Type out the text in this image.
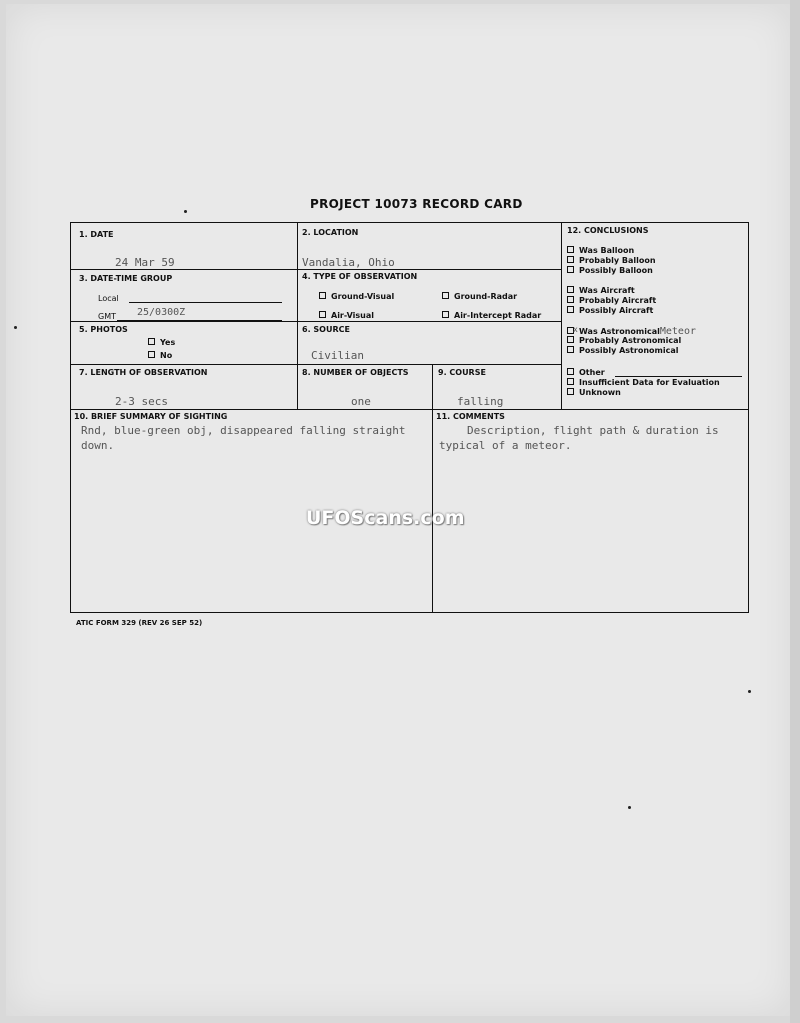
PROJECT 10073 RECORD CARD
1. DATE
24 Mar 59
2. LOCATION
Vandalia, Ohio
3. DATE-TIME GROUP
Local
GMT 25/0300Z
4. TYPE OF OBSERVATION
Ground-Visual	Ground-Radar
Air-Visual	Air-Intercept Radar
5. PHOTOS
Yes
No
6. SOURCE
Civilian
7. LENGTH OF OBSERVATION
2-3 secs
8. NUMBER OF OBJECTS
one
9. COURSE
falling
10. BRIEF SUMMARY OF SIGHTING
Rnd, blue-green obj, disappeared falling straight down.
11. COMMENTS
Description, flight path & duration is typical of a meteor.
12. CONCLUSIONS
Was Balloon
Probably Balloon
Possibly Balloon
Was Aircraft
Probably Aircraft
Possibly Aircraft
x Was AstronomicalMeteor
Probably Astronomical
Possibly Astronomical
Other
Insufficient Data for Evaluation
Unknown
ATIC FORM 329 (REV 26 SEP 52)
UFOScans.com
